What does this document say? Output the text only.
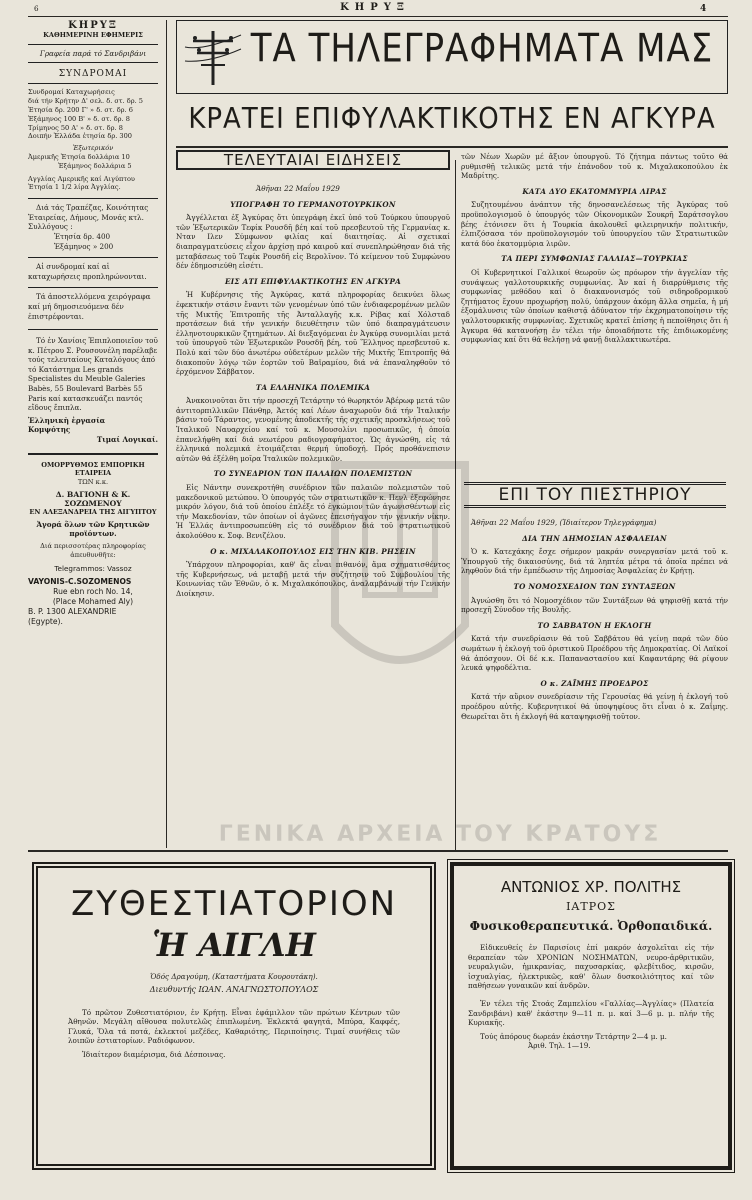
6	ΚΗΡΥΞ	4
ΚΗΡΥΞ
ΚΑΘΗΜΕΡΙΝΗ ΕΦΗΜΕΡΙΣ
Γραφεία παρά τό Σανδριβάνι
ΣΥΝΔΡΟΜΑΙ
Συνδρομαί Καταχωρήσεις
διά τήν Κρήτην Δ' σελ. δ. στ. δρ. 5
Ἐτησία δρ. 200 Γ' » δ. στ. δρ. 6
Ἑξάμηνος 100 Β' » δ. στ. δρ. 8
Τρίμηνος 50 Α' » δ. στ. δρ. 8
Δοιπήν Ἑλλάδα ἐτησία δρ. 300
Ἐξωτερικόν
Ἀμερικῆς Ἐτησία δολλάρια 10
Ἑξάμηνος δολλάρια 5
Αγγλίας Αμερικῆς καί Αιγύπτου
Ἐτησία 1 1/2 λίρα Ἀγγλίας.
Διά τάς Τραπέζας, Κοινότητας Ἑταιρείας, Δήμους, Μονάς κτλ. Συλλόγους :
Ἐτησία δρ. 400
Ἑξάμηνος » 200
Αἱ συνδρομαί καί αἱ καταχωρήσεις προπληρώνονται.
Τά ἀποστελλόμενα χειρόγραφα καί μή δημοσιευόμενα δέν ἐπιστρέφονται.
Τό ἐν Χανίοις Ἐπιπλοποιεῖον τοῦ κ. Πέτρου Σ. Ρουσουνέλη παρέλαβε τούς τελευταίους Καταλόγους ἀπό τό Κατάστημα Les grands Specialistes du Meuble Galeries Babès, 55 Boulevard Barbès 55 Paris καί κατασκευάζει παντός εἴδους ἔπιπλα.
Ἐλληνικὴ ἐργασία
Κομψότης
Τιμαί Λογικαί.
ΟΜΟΡΡΥΘΜΟΣ ΕΜΠΟΡΙΚΗ ΕΤΑΙΡΕΙΑ
ΤΩΝ κ.κ.
Δ. ΒΑΓΙΟΝΗ & Κ. ΣΟΖΩΜΕΝΟΥ
ΕΝ ΑΛΕΞΑΝΔΡΕΙΑ ΤΗΣ ΑΙΓΥΠΤΟΥ
Ἀγορά ὅλων τῶν Κρητικῶν προϊόντων.
Διά περισσοτέρας πληροφορίας ἀπευθυνθῆτε:
Telegrammos: Vassoz
VAYONIS-C.SOZOMENOS
Rue ebn roch No. 14,
(Place Mohamed Aly)
B. P. 1300 ALEXANDRIE
(Egypte).
ΤΑ ΤΗΛΕΓΡΑΦΗΜΑΤΑ ΜΑΣ
ΚΡΑΤΕΙ ΕΠΙΦΥΛΑΚΤΙΚΟΤΗΣ ΕΝ ΑΓΚΥΡΑ
ΤΕΛΕΥΤΑΙΑΙ ΕΙΔΗΣΕΙΣ
Ἀθῆναι 22 Μαΐου 1929
ΥΠΟΓΡΑΦΗ ΤΟ ΓΕΡΜΑΝΟΤΟΥΡΚΙΚΟΝ

Ἀγγέλλεται ἐξ Ἀγκύρας ὅτι ὑπεγράφη ἐκεῖ ὑπό τοῦ Τούρκου ὑπουργοῦ τῶν Ἐξωτερικῶν Τεφίκ Ρουσδῆ βέη καί τοῦ πρεσβευτοῦ τῆς Γερμανίας κ. Νταν Ιλεν Σύμφωνον φιλίας καί διαιτησίας. Αἱ σχετικαί διαπραγματεύσεις εἶχον ἀρχίσῃ πρό καιροῦ καί συνεπληρώθησαν διά τῆς μεταβάσεως τοῦ Τεφίκ Ρουσδῆ εἰς Βερολῖνον. Τό κείμενον τοῦ Συμφώνου δέν ἐδημοσιεύθη εἰσέτι.

ΕΙΣ ΑΤΙ ΕΠΙΦΥΛΑΚΤΙΚΟΤΗΣ ΕΝ ΑΓΚΥΡΑ

Ἡ Κυβέρνησις τῆς Ἀγκύρας, κατά πληροφορίας δεικνύει ὅλως ἐφεκτικήν στάσιν ἔναντι τῶν γενομένων ὑπό τῶν ἐνδιαφερομένων μελῶν τῆς Μικτῆς Ἐπιτροπῆς τῆς Ἀνταλλαγῆς κ.κ. Ρίβας καί Χόλσταδ προτάσεων διά τήν γενικήν διευθέτησιν τῶν ὑπό διαπραγμάτευσιν ἑλληνοτουρκικῶν ζητημάτων. Αἱ διεξαγόμεναι ἐν Ἀγκύρᾳ συνομιλίαι μετά τοῦ ὑπουργοῦ τῶν Ἐξωτερικῶν Ρουσδῆ βέη, τοῦ Ἕλληνος πρεσβευτοῦ κ. Πολύ καί τῶν δύο ἀνωτέρω οὐδετέρων μελῶν τῆς Μικτῆς Ἐπιτροπῆς θά διακοποῦν λόγῳ τῶν ἑορτῶν τοῦ Βαϊραμίου, διά νά ἐπαναληφθοῦν τό ἐρχόμενον Σάββατον.

ΤΑ ΕΛΛΗΝΙΚΑ ΠΟΛΕΜΙΚΑ

Ἀνακοινοῦται ὅτι τήν προσεχῆ Τετάρτην τό θωρηκτόν Ἀβέρωφ μετά τῶν ἀντιτορπιλλικῶν Πάνθηρ, Ἀετός καί Λέων ἀναχωροῦν διά τήν Ἰταλικήν βάσιν τοῦ Τάραντος, γενομένης ἀποδεκτῆς τῆς σχετικῆς προσκλήσεως τοῦ Ἰταλικοῦ Ναυαρχείου καί τοῦ κ. Μουσολίνι προσωπικῶς, ἡ ὁποία ἐπανελήφθη καί διά νεωτέρου ραδιογραφήματος. Ὡς ἀγνώσθη, εἰς τά ἑλληνικά πολεμικά ἑτοιμάζεται θερμή ὑποδοχή. Πρός προθάνεπισιν αὐτῶν θά ἐξέλθη μοῖρα Ἰταλικῶν πολεμικῶν.

ΤΟ ΣΥΝΕΔΡΙΟΝ ΤΩΝ ΠΑΛΑΙΩΝ ΠΟΛΕΜΙΣΤΩΝ

Εἰς Νάντην συνεκροτήθη συνέδριον τῶν παλαιῶν πολεμιστῶν τοῦ μακεδονικοῦ μετώπου. Ὁ ὑπουργός τῶν στρατιωτικῶν κ. Πενλ ἐξεφώνησε μικρόν λόγον, διά τοῦ ὁποίου ἐπλέξε τό ἐγκώμιον τῶν ἀγωνισθέντων εἰς τήν Μακεδονίαν, τῶν ὁποίων οἱ ἀγῶνες ἐπεισήγαγον τήν γενικήν νίκην. Ἡ Ἑλλάς ἀντιπροσωπεύθη εἰς τό συνέδριον διά τοῦ στρατιωτικοῦ ἀκολούθου κ. Σοφ. Βενιζέλου.

Ο κ. ΜΙΧΑΛΑΚΟΠΟΥΛΟΣ ΕΙΣ ΤΗΝ ΚΙΒ. ΡΗΣΕΙΝ

Ὑπάρχουν πληροφορίαι, καθ' ἅς εἶναι πιθανόν, ἅμα σχηματισθέντος τῆς Κυβερνήσεως, νά μεταβῇ μετά τήν συζήτησιν τοῦ Συμβουλίου τῆς Κοινωνίας τῶν Ἐθνῶν, ὁ κ. Μιχαλακόπουλος, ἀναλαμβάνων τήν Γενικήν Διοίκησιν.

τῶν Νέων Χωρῶν μέ ἄξιον ὑπουργοῦ. Τό ζήτημα πάντως τοῦτο θά ρυθμισθῇ τελικῶς μετά τήν ἐπάνοδον τοῦ κ. Μιχαλακοπούλου ἐκ Μαδρίτης.

ΚΑΤΑ ΔΥΟ ΕΚΑΤΟΜΜΥΡΙΑ ΛΙΡΑΣ

Συζητουμένου ἀνάπτυν τῆς δηνοσανελέσεως τῆς Ἀγκύρας τοῦ προϋπολογισμοῦ ὁ ὑπουργός τῶν Οἰκονομικῶν Σουκρῆ Σαράτσογλου βέης ἐτόνισεν ὅτι ἡ Τουρκία ἀκολουθεῖ φιλειρηνικήν πολιτικήν, ἐλπιζόσασα τόν προϋπολογισμόν τοῦ ὑπουργείου τῶν Στρατιωτικῶν κατά δύο ἑκατομμύρια λιρῶν.

ΤΑ ΠΕΡΙ ΣΥΜΦΩΝΙΑΣ ΓΑΛΛΙΑΣ—ΤΟΥΡΚΙΑΣ

Οἱ Κυβερνητικοί Γαλλικοί θεωροῦν ὡς πρόωρον τήν ἀγγελίαν τῆς συνάψεως γαλλοτουρκικῆς συμφωνίας. Ἀν καί ἡ διαρρύθμισις τῆς συμφωνίας μεθόδου καί ὁ διακανονισμός τοῦ σιδηροδρομικοῦ ζητήματος ἔχουν προχωρήσῃ πολύ, ὑπάρχουν ἀκόμη ἄλλα σημεῖα, ἡ μή ἐξομάλυνσις τῶν ὁποίων καθιστᾷ ἀδύνατον τήν ἐκχρηματοποίησιν τῆς γαλλοτουρκικῆς συμφωνίας. Σχετικῶς κρατεῖ ἐπίσης ἡ πεποίθησις ὅτι ἡ Ἀγκυρα θά κατανοήσῃ ἐν τέλει τήν ὁποιαδήποτε τῆς ἐπιδιωκομένης συμφωνίας καί ὅτι θά θελήσῃ νά φανῇ διαλλακτικωτέρα.

ΕΠΙ ΤΟΥ ΠΙΕΣΤΗΡΙΟΥ
Ἀθῆναι 22 Μαΐου 1929, (Ἰδιαίτερον Τηλεγράφημα)
ΔΙΑ ΤΗΝ ΔΗΜΟΣΙΑΝ ΑΣΦΑΛΕΙΑΝ

Ὁ κ. Κατεχάκης ἔσχε σήμερον μακράν συνεργασίαν μετά τοῦ κ. Ὑπουργοῦ τῆς δικαιοσύνης, διά τά ληπτέα μέτρα τά ὁποῖα πρέπει νά ληφθοῦν διά τήν ἐμπέδωσιν τῆς Δημοσίας Ἀσφαλείας ἐν Κρήτῃ.

ΤΟ ΝΟΜΟΣΧΕΔΙΟΝ ΤΩΝ ΣΥΝΤΑΞΕΩΝ

Ἀγνώσθη ὅτι τό Νομοσχέδιον τῶν Συντάξεων θά ψηφισθῇ κατά τήν προσεχῆ Σύνοδον τῆς Βουλῆς.

ΤΟ ΣΑΒΒΑΤΟΝ Η ΕΚΛΟΓΗ

Κατά τήν συνεδρίασιν θά τοῦ Σαββάτου θά γείνῃ παρά τῶν δύο σωμάτων ἡ ἐκλογή τοῦ ὁριστικοῦ Προέδρου τῆς Δημοκρατίας. Οἱ Λαϊκοί θά ἀπόσχουν. Οἱ δέ κ.κ. Παπαναστασίου καί Καφαντάρης θά ρίψουν λευκά ψηφοδέλτια.

Ο κ. ΖΑΪΜΗΣ ΠΡΟΕΔΡΟΣ

Κατά τήν αὔριον συνεδρίασιν τῆς Γερουσίας θά γείνῃ ἡ ἐκλογή τοῦ προέδρου αὐτῆς. Κυβερνητικοί θά ὑποψηφίους ὅτι εἶναι ὁ κ. Ζαΐμης. Θεωρεῖται ὅτι ἡ ἐκλογή θά καταψηφισθῇ τοῦτον.

ΓΕΝΙΚΑ ΑΡΧΕΙΑ ΤΟΥ ΚΡΑΤΟΥΣ
ΖΥΘΕΣΤΙΑΤΟΡΙΟΝ
Ἡ ΑΙΓΛΗ
Ὁδός Δραγούμη, (Καταστήματα Κουρουτάκη).
Διευθυντής ΙΩΑΝ. ΑΝΑΓΝΩΣΤΟΠΟΥΛΟΣ
Τό πρῶτον Ζυθεστιατόριον, ἐν Κρήτῃ. Εἶναι ἐφάμιλλον τῶν πρώτων Κέντρων τῶν Ἀθηνῶν. Μεγάλη αἴθουσα πολυτελῶς ἐπιπλωμένη. Ἐκλεκτά φαγητά, Μπύρα, Καφφές, Γλυκά, Ὅλα τά ποτά, ἐκλεκτοί μεζέδες, Καθαριότης, Περιποίησις. Τιμαί συνήθεις τῶν λοιπῶν ἑστιατορίων. Ραδιόφωνον.
Ἰδιαίτερον διαμέρισμα, διά Δέσποινας.
ΑΝΤΩΝΙΟΣ ΧΡ. ΠΟΛΙΤΗΣ
ΙΑΤΡΟΣ
Φυσικοθεραπευτικά. Ὀρθοπαιδικά.
Εἰδικευθείς ἐν Παρισίοις ἐπί μακρόν ἀσχολεῖται εἰς τήν θεραπείαν τῶν ΧΡΟΝΙΩΝ ΝΟΣΗΜΑΤΩΝ, νευρο-ἀρθριτικῶν, νευραλγιῶν, ἡμικρανίας, παχυσαρκίας, φλεβίτιδος, κιρσῶν, ἰσχυαλγίας, ἠλεκτρικῶς, καθ' ὅλων δυσκοιλιότητος καί τῶν παθήσεων γυναικῶν καί ἀνδρῶν.
Ἐν τέλει τῆς Στοάς Ζαμπελίου «Γαλλίας—Ἀγγλίας» (Πλατεία Σανδριβάνι) καθ' ἑκάστην 9—11 π. μ. καί 3—6 μ. μ. πλήν τῆς Κυριακῆς.
Τούς ἀπόρους δωρεάν ἑκάστην Τετάρτην 2—4 μ. μ.
Ἀριθ. Τηλ. 1—19.
